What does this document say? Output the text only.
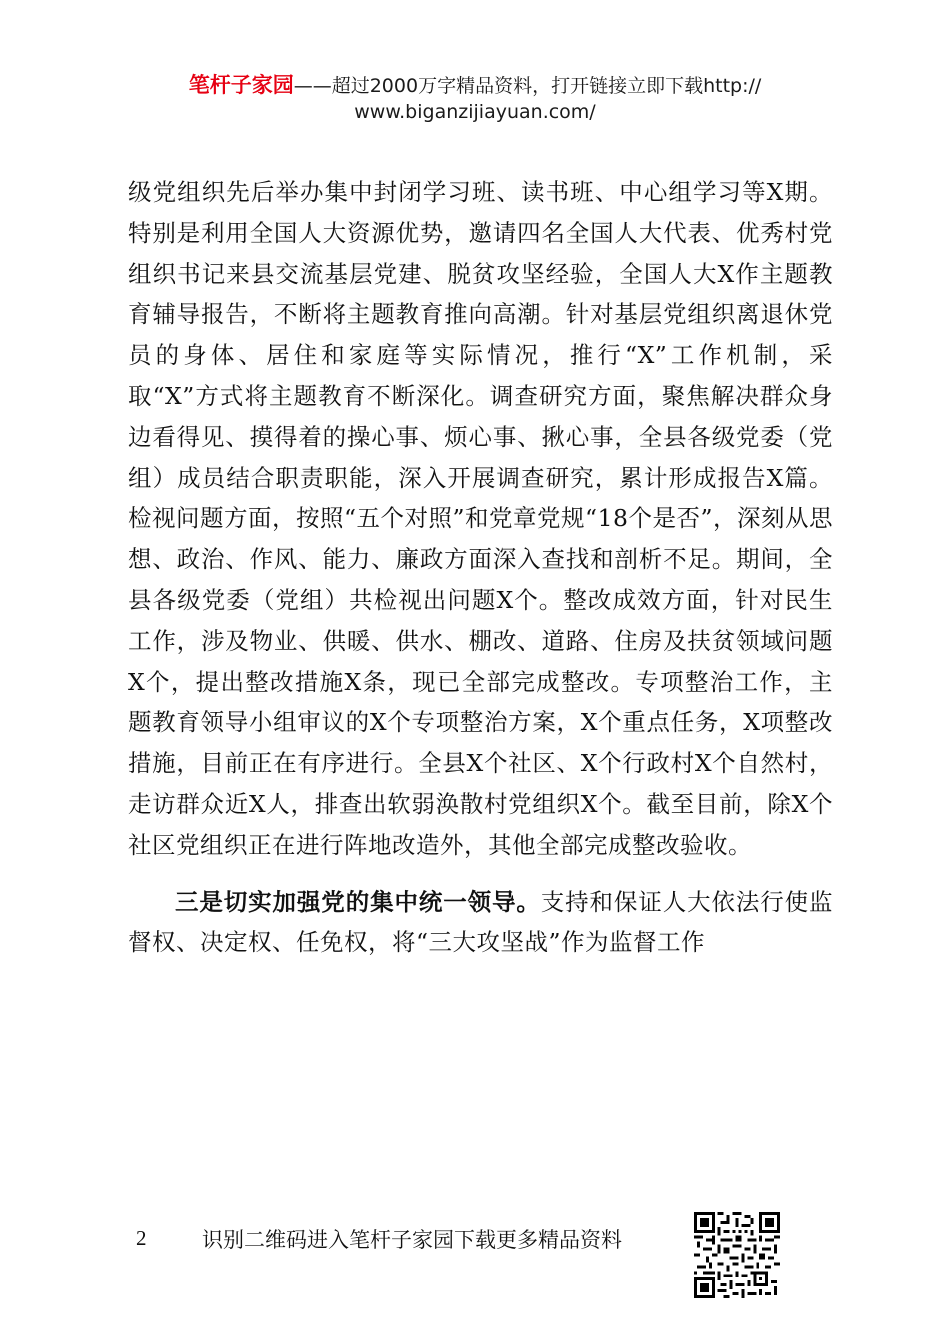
笔杆子家园——超过2000万字精品资料，打开链接立即下载http://
www.biganzijiayuan.com/

级党组织先后举办集中封闭学习班、读书班、中心组学习等X期。特别是利用全国人大资源优势，邀请四名全国人大代表、优秀村党组织书记来县交流基层党建、脱贫攻坚经验，全国人大X作主题教育辅导报告，不断将主题教育推向高潮。针对基层党组织离退休党员的身体、居住和家庭等实际情况，推行“X”工作机制，采取“X”方式将主题教育不断深化。调查研究方面，聚焦解决群众身边看得见、摸得着的操心事、烦心事、揪心事，全县各级党委（党组）成员结合职责职能，深入开展调查研究，累计形成报告X篇。检视问题方面，按照“五个对照”和党章党规“18个是否”，深刻从思想、政治、作风、能力、廉政方面深入查找和剖析不足。期间，全县各级党委（党组）共检视出问题X个。整改成效方面，针对民生工作，涉及物业、供暖、供水、棚改、道路、住房及扶贫领域问题X个，提出整改措施X条，现已全部完成整改。专项整治工作，主题教育领导小组审议的X个专项整治方案，X个重点任务，X项整改措施，目前正在有序进行。全县X个社区、X个行政村X个自然村，走访群众近X人，排查出软弱涣散村党组织X个。截至目前，除X个社区党组织正在进行阵地改造外，其他全部完成整改验收。

三是切实加强党的集中统一领导。支持和保证人大依法行使监督权、决定权、任免权，将“三大攻坚战”作为监督工作

2	识别二维码进入笔杆子家园下载更多精品资料
